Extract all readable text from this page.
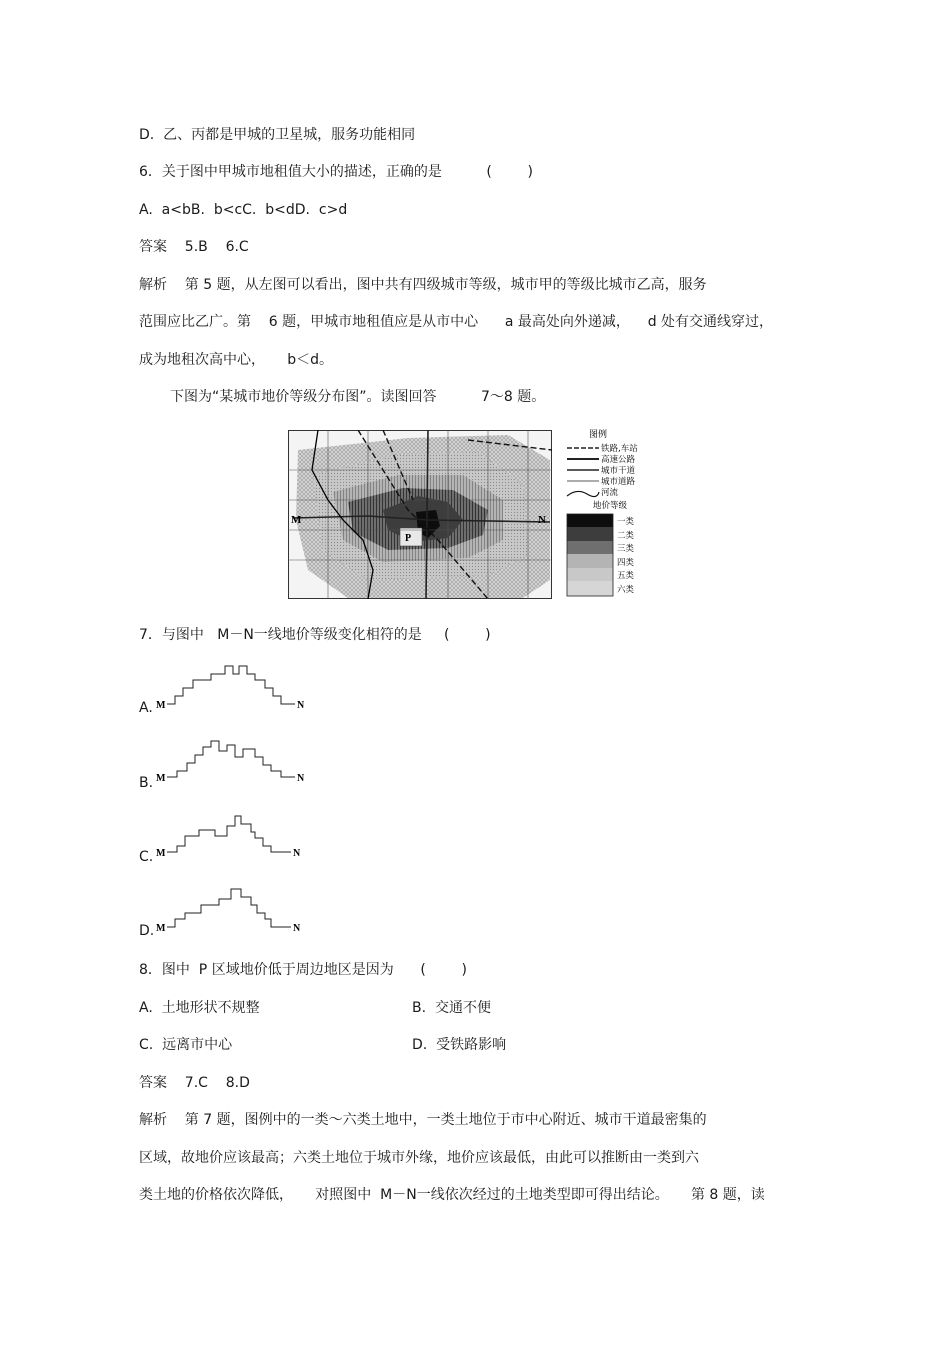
D.  乙、丙都是甲城的卫星城，服务功能相同
6．关于图中甲城市地租值大小的描述，正确的是          (        )
A.  a<bB.  b<cC.  b<dD.  c>d
答案    5.B    6.C
解析    第 5 题，从左图可以看出，图中共有四级城市等级，城市甲的等级比城市乙高，服务
范围应比乙广。第    6 题，甲城市地租值应是从市中心      a 最高处向外递减，    d 处有交通线穿过，
成为地租次高中心，     b＜d。
下图为“某城市地价等级分布图”。读图回答          7～8 题。
M	N
P
图例
铁路,车站
高速公路
城市干道
城市道路
河流
地价等级
一类
二类
三类
四类
五类
六类
7．与图中   M－N一线地价等级变化相符的是     (        )
A. M	N
B. M	N
C. M	N
D. M	N
8．图中  P 区域地价低于周边地区是因为      (        )
A.  土地形状不规整	B.  交通不便
C.  远离市中心	D.  受铁路影响
答案    7.C    8.D
解析    第 7 题，图例中的一类～六类土地中，一类土地位于市中心附近、城市干道最密集的
区域，故地价应该最高；六类土地位于城市外缘，地价应该最低，由此可以推断由一类到六
类土地的价格依次降低，     对照图中  M－N一线依次经过的土地类型即可得出结论。     第 8 题，读
